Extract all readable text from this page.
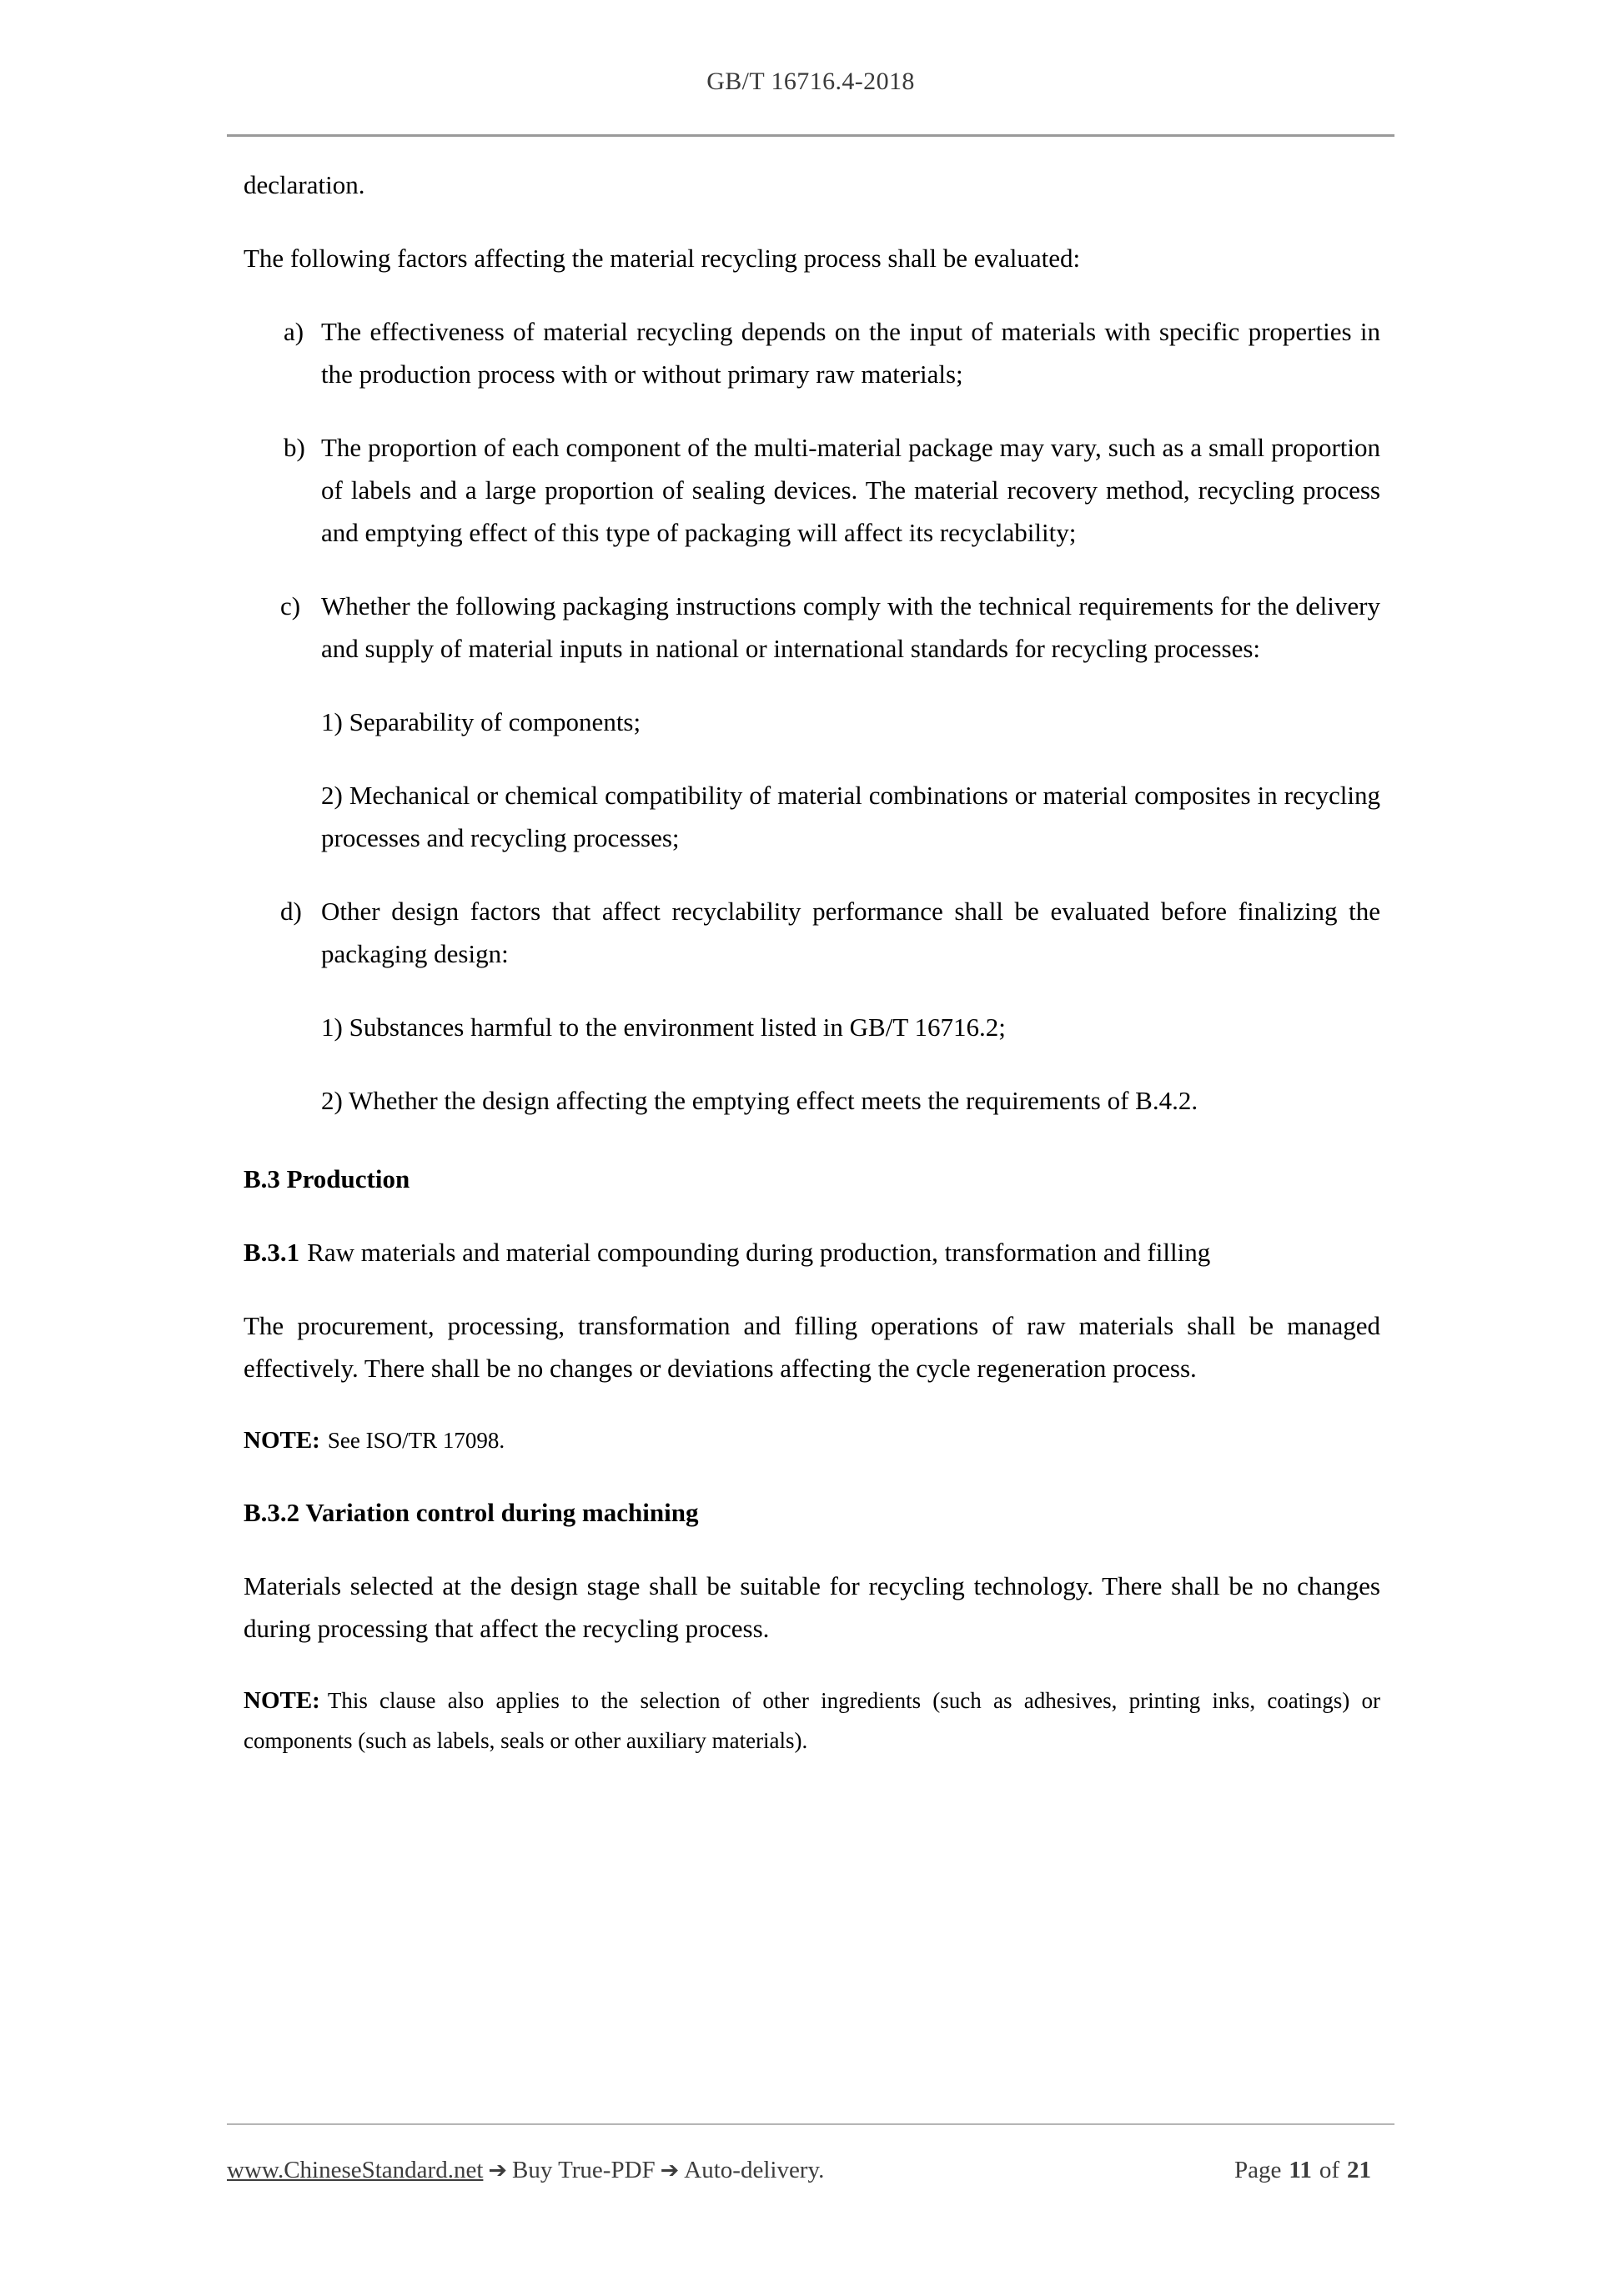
GB/T 16716.4-2018

declaration.

The following factors affecting the material recycling process shall be evaluated:

a) The effectiveness of material recycling depends on the input of materials with specific properties in the production process with or without primary raw materials;
b) The proportion of each component of the multi-material package may vary, such as a small proportion of labels and a large proportion of sealing devices. The material recovery method, recycling process and emptying effect of this type of packaging will affect its recyclability;
c) Whether the following packaging instructions comply with the technical requirements for the delivery and supply of material inputs in national or international standards for recycling processes:
1) Separability of components;
2) Mechanical or chemical compatibility of material combinations or material composites in recycling processes and recycling processes;
d) Other design factors that affect recyclability performance shall be evaluated before finalizing the packaging design:
1) Substances harmful to the environment listed in GB/T 16716.2;
2) Whether the design affecting the emptying effect meets the requirements of B.4.2.

B.3 Production

B.3.1 Raw materials and material compounding during production, transformation and filling

The procurement, processing, transformation and filling operations of raw materials shall be managed effectively. There shall be no changes or deviations affecting the cycle regeneration process.

NOTE: See ISO/TR 17098.

B.3.2 Variation control during machining

Materials selected at the design stage shall be suitable for recycling technology. There shall be no changes during processing that affect the recycling process.

NOTE: This clause also applies to the selection of other ingredients (such as adhesives, printing inks, coatings) or components (such as labels, seals or other auxiliary materials).

www.ChineseStandard.net ➔ Buy True-PDF ➔ Auto-delivery.	Page 11 of 21
